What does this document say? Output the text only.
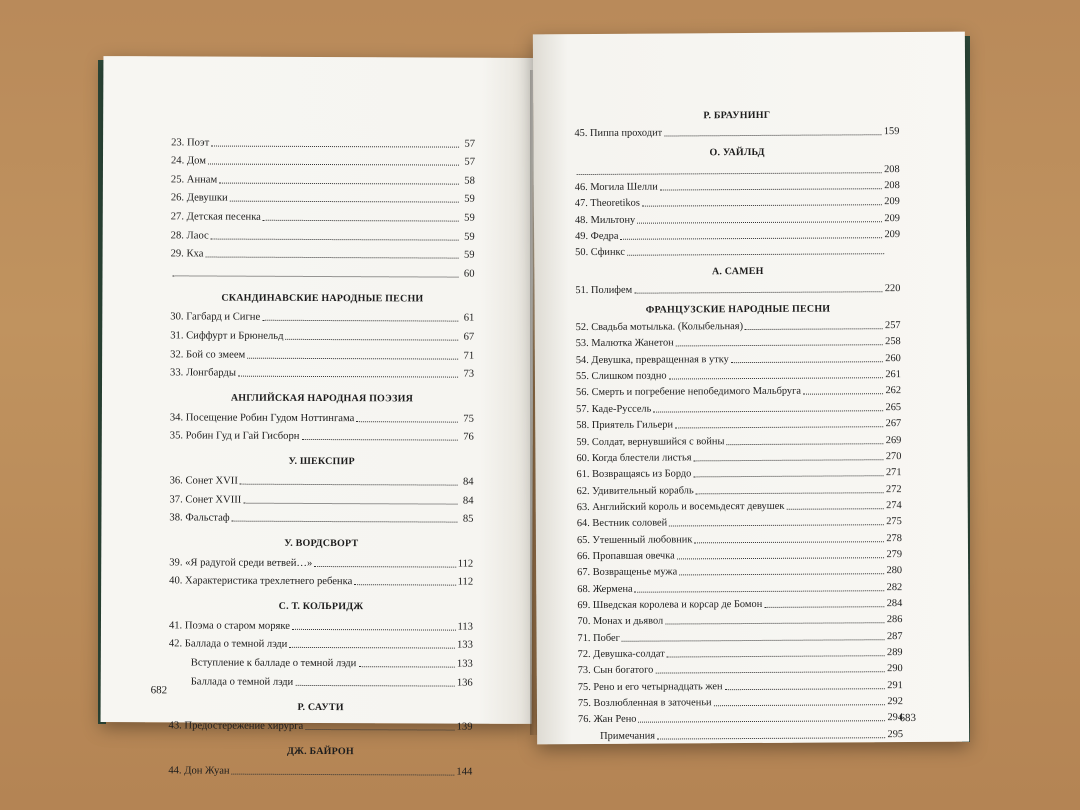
23. Поэт	57
24. Дом	57
25. Аннам	58
26. Девушки	59
27. Детская песенка	59
28. Лаос	59
29. Кха	59
60
СКАНДИНАВСКИЕ НАРОДНЫЕ ПЕСНИ
30. Гагбард и Сигне	61
31. Сиффурт и Брюнельд	67
32. Бой со змеем	71
33. Лонгбарды	73
АНГЛИЙСКАЯ НАРОДНАЯ ПОЭЗИЯ
34. Посещение Робин Гудом Ноттингама	75
35. Робин Гуд и Гай Гисборн	76
У. ШЕКСПИР
36. Сонет XVII	84
37. Сонет XVIII	84
38. Фальстаф	85
У. ВОРДСВОРТ
39. «Я радугой среди ветвей…»	112
40. Характеристика трехлетнего ребенка	112
С. Т. КОЛЬРИДЖ
41. Поэма о старом моряке	113
42. Баллада о темной лэди	133
Вступление к балладе о темной лэди	133
Баллада о темной лэди	136
Р. САУТИ
43. Предостережение хирурга	139
ДЖ. БАЙРОН
44. Дон Жуан	144
682
Р. БРАУНИНГ
45. Пиппа проходит	159
О. УАЙЛЬД
208
46. Могила Шелли	208
47. Theoretikos	209
48. Мильтону	209
49. Федра	209
50. Сфинкс
А. САМЕН
51. Полифем	220
ФРАНЦУЗСКИЕ НАРОДНЫЕ ПЕСНИ
52. Свадьба мотылька. (Колыбельная)	257
53. Малютка Жанетон	258
54. Девушка, превращенная в утку	260
55. Слишком поздно	261
56. Смерть и погребение непобедимого Мальбруга	262
57. Каде-Руссель	265
58. Приятель Гильери	267
59. Солдат, вернувшийся с войны	269
60. Когда блестели листья	270
61. Возвращаясь из Бордо	271
62. Удивительный корабль	272
63. Английский король и восемьдесят девушек	274
64. Вестник соловей	275
65. Утешенный любовник	278
66. Пропавшая овечка	279
67. Возвращенье мужа	280
68. Жермена	282
69. Шведская королева и корсар де Бомон	284
70. Монах и дьявол	286
71. Побег	287
72. Девушка-солдат	289
73. Сын богатого	290
75. Рено и его четырнадцать жен	291
75. Возлюбленная в заточеньи	292
76. Жан Рено	294
Примечания	295
683
